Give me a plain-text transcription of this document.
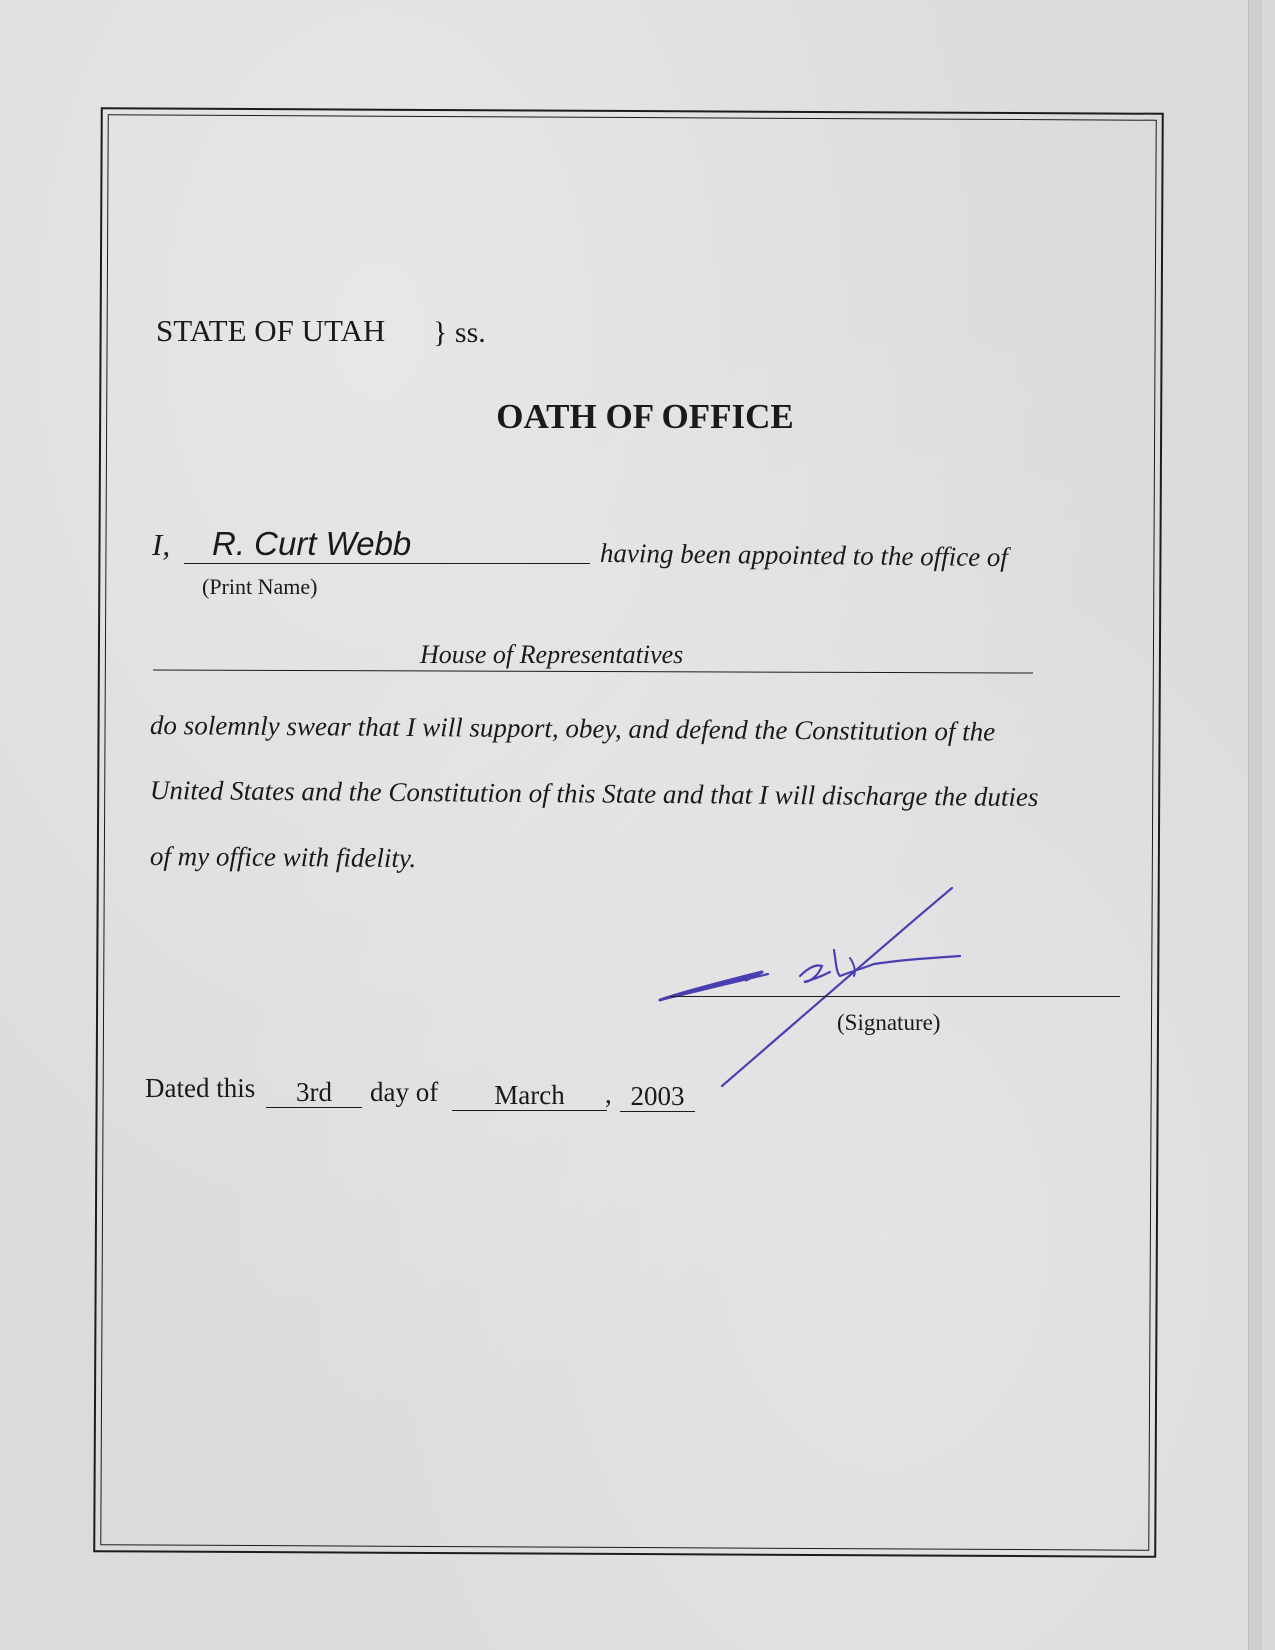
STATE OF UTAH } ss.
OATH OF OFFICE
I, R. Curt Webb	having been appointed to the office of
(Print Name)
House of Representatives
do solemnly swear that I will support, obey, and defend the Constitution of the
United States and the Constitution of this State and that I will discharge the duties
of my office with fidelity.
(Signature)
Dated this	3rd	day of	March	, 2003
